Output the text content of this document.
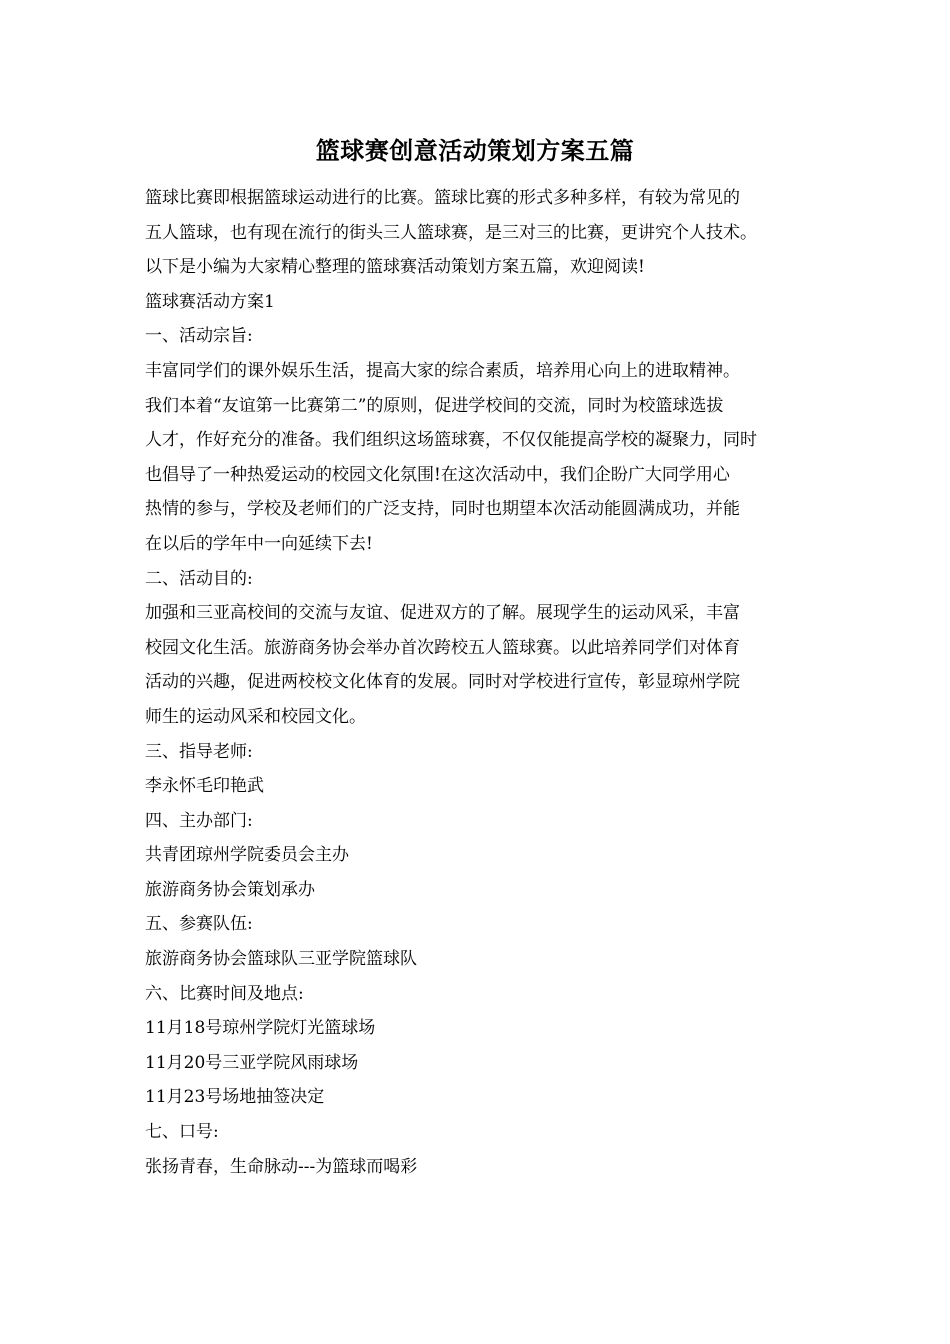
篮球赛创意活动策划方案五篇
篮球比赛即根据篮球运动进行的比赛。篮球比赛的形式多种多样，有较为常见的
五人篮球，也有现在流行的街头三人篮球赛，是三对三的比赛，更讲究个人技术。
以下是小编为大家精心整理的篮球赛活动策划方案五篇，欢迎阅读!
篮球赛活动方案1
一、活动宗旨:
丰富同学们的课外娱乐生活，提高大家的综合素质，培养用心向上的进取精神。
我们本着“友谊第一比赛第二”的原则，促进学校间的交流，同时为校篮球选拔
人才，作好充分的准备。我们组织这场篮球赛，不仅仅能提高学校的凝聚力，同时
也倡导了一种热爱运动的校园文化氛围!在这次活动中，我们企盼广大同学用心
热情的参与，学校及老师们的广泛支持，同时也期望本次活动能圆满成功，并能
在以后的学年中一向延续下去!
二、活动目的:
加强和三亚高校间的交流与友谊、促进双方的了解。展现学生的运动风采，丰富
校园文化生活。旅游商务协会举办首次跨校五人篮球赛。以此培养同学们对体育
活动的兴趣，促进两校校文化体育的发展。同时对学校进行宣传，彰显琼州学院
师生的运动风采和校园文化。
三、指导老师:
李永怀毛印艳武
四、主办部门:
共青团琼州学院委员会主办
旅游商务协会策划承办
五、参赛队伍:
旅游商务协会篮球队三亚学院篮球队
六、比赛时间及地点:
11月18号琼州学院灯光篮球场
11月20号三亚学院风雨球场
11月23号场地抽签决定
七、口号:
张扬青春，生命脉动---为篮球而喝彩
